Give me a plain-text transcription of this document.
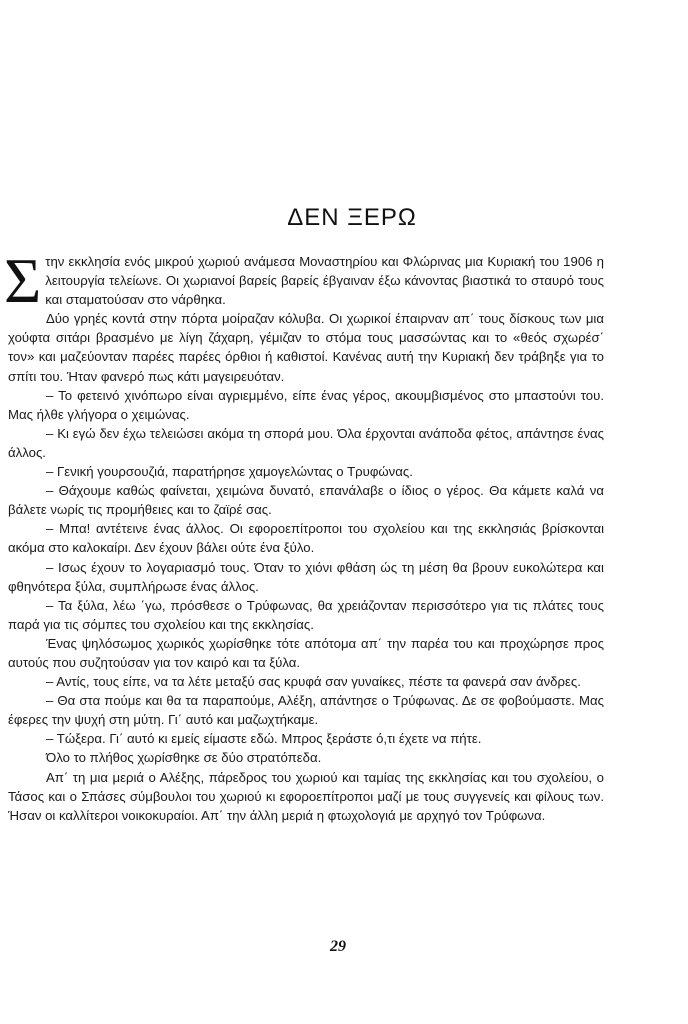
ΔΕΝ ΞΕΡΩ

Στην εκκλησία ενός μικρού χωριού ανάμεσα Μοναστηρίου και Φλώρινας μια Κυριακή του 1906 η λειτουργία τελείωνε. Οι χωριανοί βαρείς βαρείς έβγαιναν έξω κάνοντας βιαστικά το σταυρό τους και σταματούσαν στο νάρθηκα.

Δύο γρηές κοντά στην πόρτα μοίραζαν κόλυβα. Οι χωρικοί έπαιρναν απ΄ τους δίσκους των μια χούφτα σιτάρι βρασμένο με λίγη ζάχαρη, γέμιζαν το στόμα τους μασσώντας και το «θεός σχωρέσ΄ τον» και μαζεύονταν παρέες παρέες όρθιοι ή καθιστοί. Κανένας αυτή την Κυριακή δεν τράβηξε για το σπίτι του. Ήταν φανερό πως κάτι μαγειρευόταν.

– Το φετεινό χινόπωρο είναι αγριεμμένο, είπε ένας γέρος, ακουμβισμένος στο μπαστούνι του. Μας ήλθε γλήγορα ο χειμώνας.

– Κι εγώ δεν έχω τελειώσει ακόμα τη σπορά μου. Όλα έρχονται ανάποδα φέτος, απάντησε ένας άλλος.

– Γενική γουρσουζιά, παρατήρησε χαμογελώντας ο Τρυφώνας.

– Θάχουμε καθώς φαίνεται, χειμώνα δυνατό, επανάλαβε ο ίδιος ο γέρος. Θα κάμετε καλά να βάλετε νωρίς τις προμήθειες και το ζαϊρέ σας.

– Μπα! αντέτεινε ένας άλλος. Οι εφοροεπίτροποι του σχολείου και της εκκλησιάς βρίσκονται ακόμα στο καλοκαίρι. Δεν έχουν βάλει ούτε ένα ξύλο.

– Ισως έχουν το λογαριασμό τους. Όταν το χιόνι φθάση ώς τη μέση θα βρουν ευκολώτερα και φθηνότερα ξύλα, συμπλήρωσε ένας άλλος.

– Τα ξύλα, λέω ΄γω, πρόσθεσε ο Τρύφωνας, θα χρειάζονταν περισσότερο για τις πλάτες τους παρά για τις σόμπες του σχολείου και της εκκλησίας.

Ένας ψηλόσωμος χωρικός χωρίσθηκε τότε απότομα απ΄ την παρέα του και προχώρησε προς αυτούς που συζητούσαν για τον καιρό και τα ξύλα.

– Αντίς, τους είπε, να τα λέτε μεταξύ σας κρυφά σαν γυναίκες, πέστε τα φανερά σαν άνδρες.

– Θα στα πούμε και θα τα παραπούμε, Αλέξη, απάντησε ο Τρύφωνας. Δε σε φοβούμαστε. Μας έφερες την ψυχή στη μύτη. Γι΄ αυτό και μαζωχτήκαμε.

– Τώξερα. Γι΄ αυτό κι εμείς είμαστε εδώ. Μπρος ξεράστε ό,τι έχετε να πήτε.

Όλο το πλήθος χωρίσθηκε σε δύο στρατόπεδα.

Απ΄ τη μια μεριά ο Αλέξης, πάρεδρος του χωριού και ταμίας της εκκλησίας και του σχολείου, ο Τάσος και ο Σπάσες σύμβουλοι του χωριού κι εφοροεπίτροποι μαζί με τους συγγενείς και φίλους των. Ήσαν οι καλλίτεροι νοικοκυραίοι. Απ΄ την άλλη μεριά η φτωχολογιά με αρχηγό τον Τρύφωνα.

29
